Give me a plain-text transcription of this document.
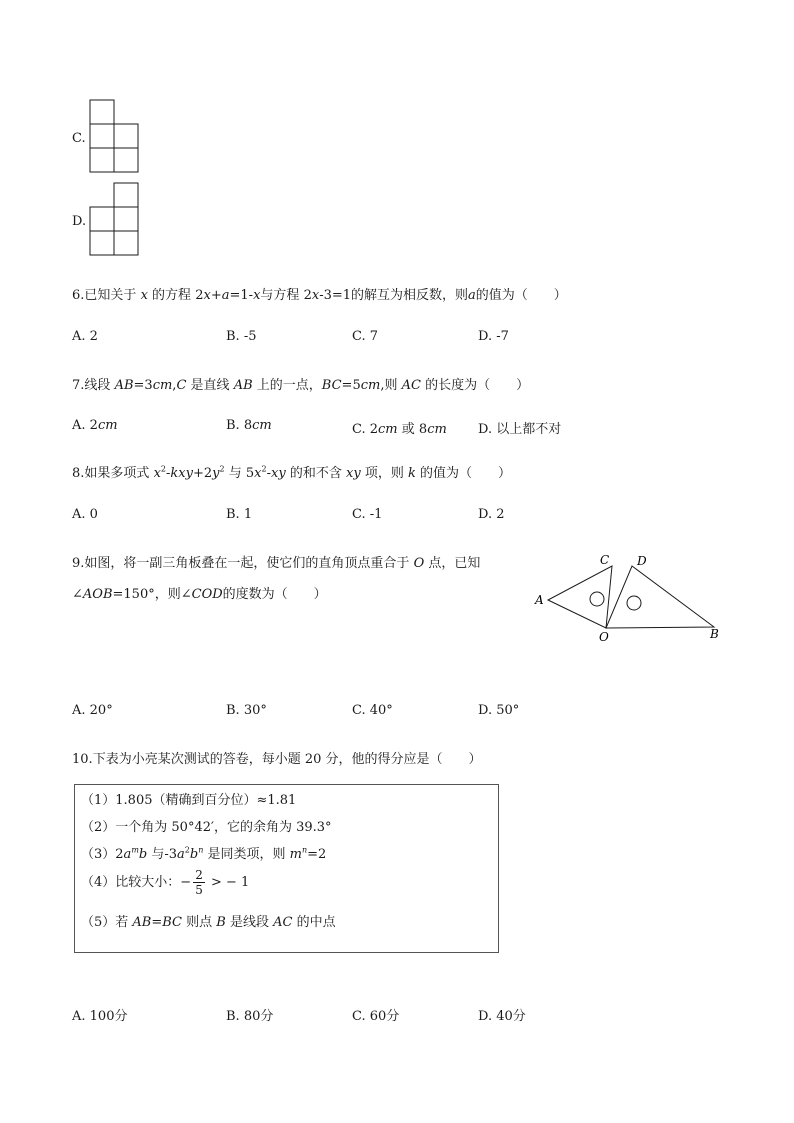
C.
D.
6.已知关于 x 的方程 2x+a=1-x与方程 2x-3=1的解互为相反数，则a的值为（　　）
A. 2	B. -5	C. 7	D. -7
7.线段 AB=3cm,C 是直线 AB 上的一点，BC=5cm,则 AC 的长度为（　　）
A. 2cm	B. 8cm	C. 2cm 或 8cm D. 以上都不对
8.如果多项式 $x^2-kxy+2y^2$ 与 $5x^2-xy$ 的和不含 xy 项，则 k 的值为（　　）
A. 0	B. 1	C. -1	D. 2
9.如图，将一副三角板叠在一起，使它们的直角顶点重合于 O 点，已知
∠AOB=150°，则∠COD的度数为（　　）
C D
A
O	B
A. 20°	B. 30°	C. 40°	D. 50°
10.下表为小亮某次测试的答卷，每小题 20 分，他的得分应是（　　）
（1）1.805（精确到百分位）≈1.81
（2）一个角为 50°42′，它的余角为 39.3°
$(3)2a^mb$ 与$-3a^2b^n$ 是同类项，则 $m^n=2$
（4）比较大小：− $\frac{2}{5}$ > − 1
（5）若 AB=BC 则点 B 是线段 AC 的中点
A. 100分	B. 80分	C. 60分	D. 40分
